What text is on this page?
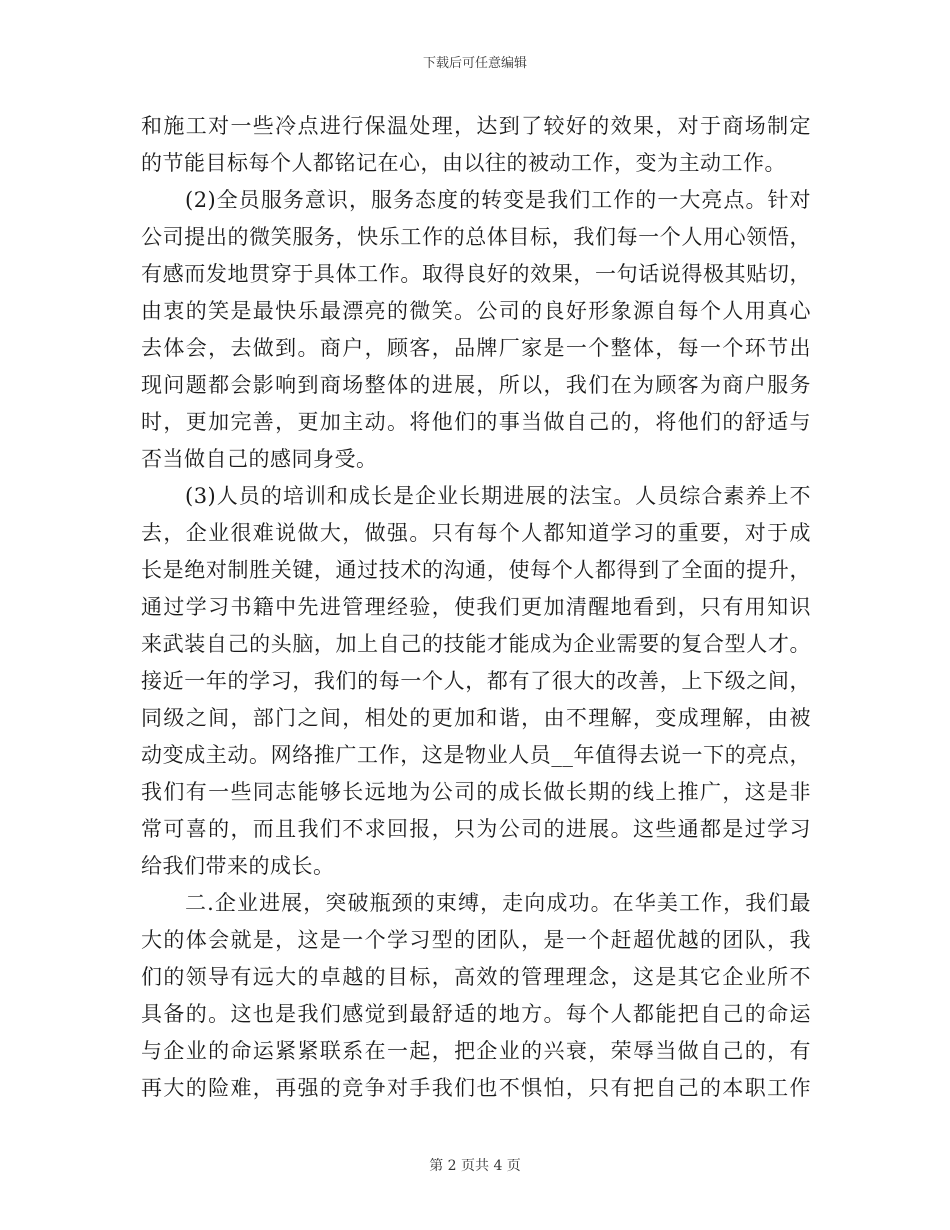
下载后可任意编辑
和施工对一些冷点进行保温处理，达到了较好的效果，对于商场制定
的节能目标每个人都铭记在心，由以往的被动工作，变为主动工作。
(2)全员服务意识，服务态度的转变是我们工作的一大亮点。针对
公司提出的微笑服务，快乐工作的总体目标，我们每一个人用心领悟，
有感而发地贯穿于具体工作。取得良好的效果，一句话说得极其贴切，
由衷的笑是最快乐最漂亮的微笑。公司的良好形象源自每个人用真心
去体会，去做到。商户，顾客，品牌厂家是一个整体，每一个环节出
现问题都会影响到商场整体的进展，所以，我们在为顾客为商户服务
时，更加完善，更加主动。将他们的事当做自己的，将他们的舒适与
否当做自己的感同身受。
(3)人员的培训和成长是企业长期进展的法宝。人员综合素养上不
去，企业很难说做大，做强。只有每个人都知道学习的重要，对于成
长是绝对制胜关键，通过技术的沟通，使每个人都得到了全面的提升，
通过学习书籍中先进管理经验，使我们更加清醒地看到，只有用知识
来武装自己的头脑，加上自己的技能才能成为企业需要的复合型人才。
接近一年的学习，我们的每一个人，都有了很大的改善，上下级之间，
同级之间，部门之间，相处的更加和谐，由不理解，变成理解，由被
动变成主动。网络推广工作，这是物业人员__年值得去说一下的亮点，
我们有一些同志能够长远地为公司的成长做长期的线上推广，这是非
常可喜的，而且我们不求回报，只为公司的进展。这些通都是过学习
给我们带来的成长。
二.企业进展，突破瓶颈的束缚，走向成功。在华美工作，我们最
大的体会就是，这是一个学习型的团队，是一个赶超优越的团队，我
们的领导有远大的卓越的目标，高效的管理理念，这是其它企业所不
具备的。这也是我们感觉到最舒适的地方。每个人都能把自己的命运
与企业的命运紧紧联系在一起，把企业的兴衰，荣辱当做自己的，有
再大的险难，再强的竞争对手我们也不惧怕，只有把自己的本职工作
第 2 页共 4 页
